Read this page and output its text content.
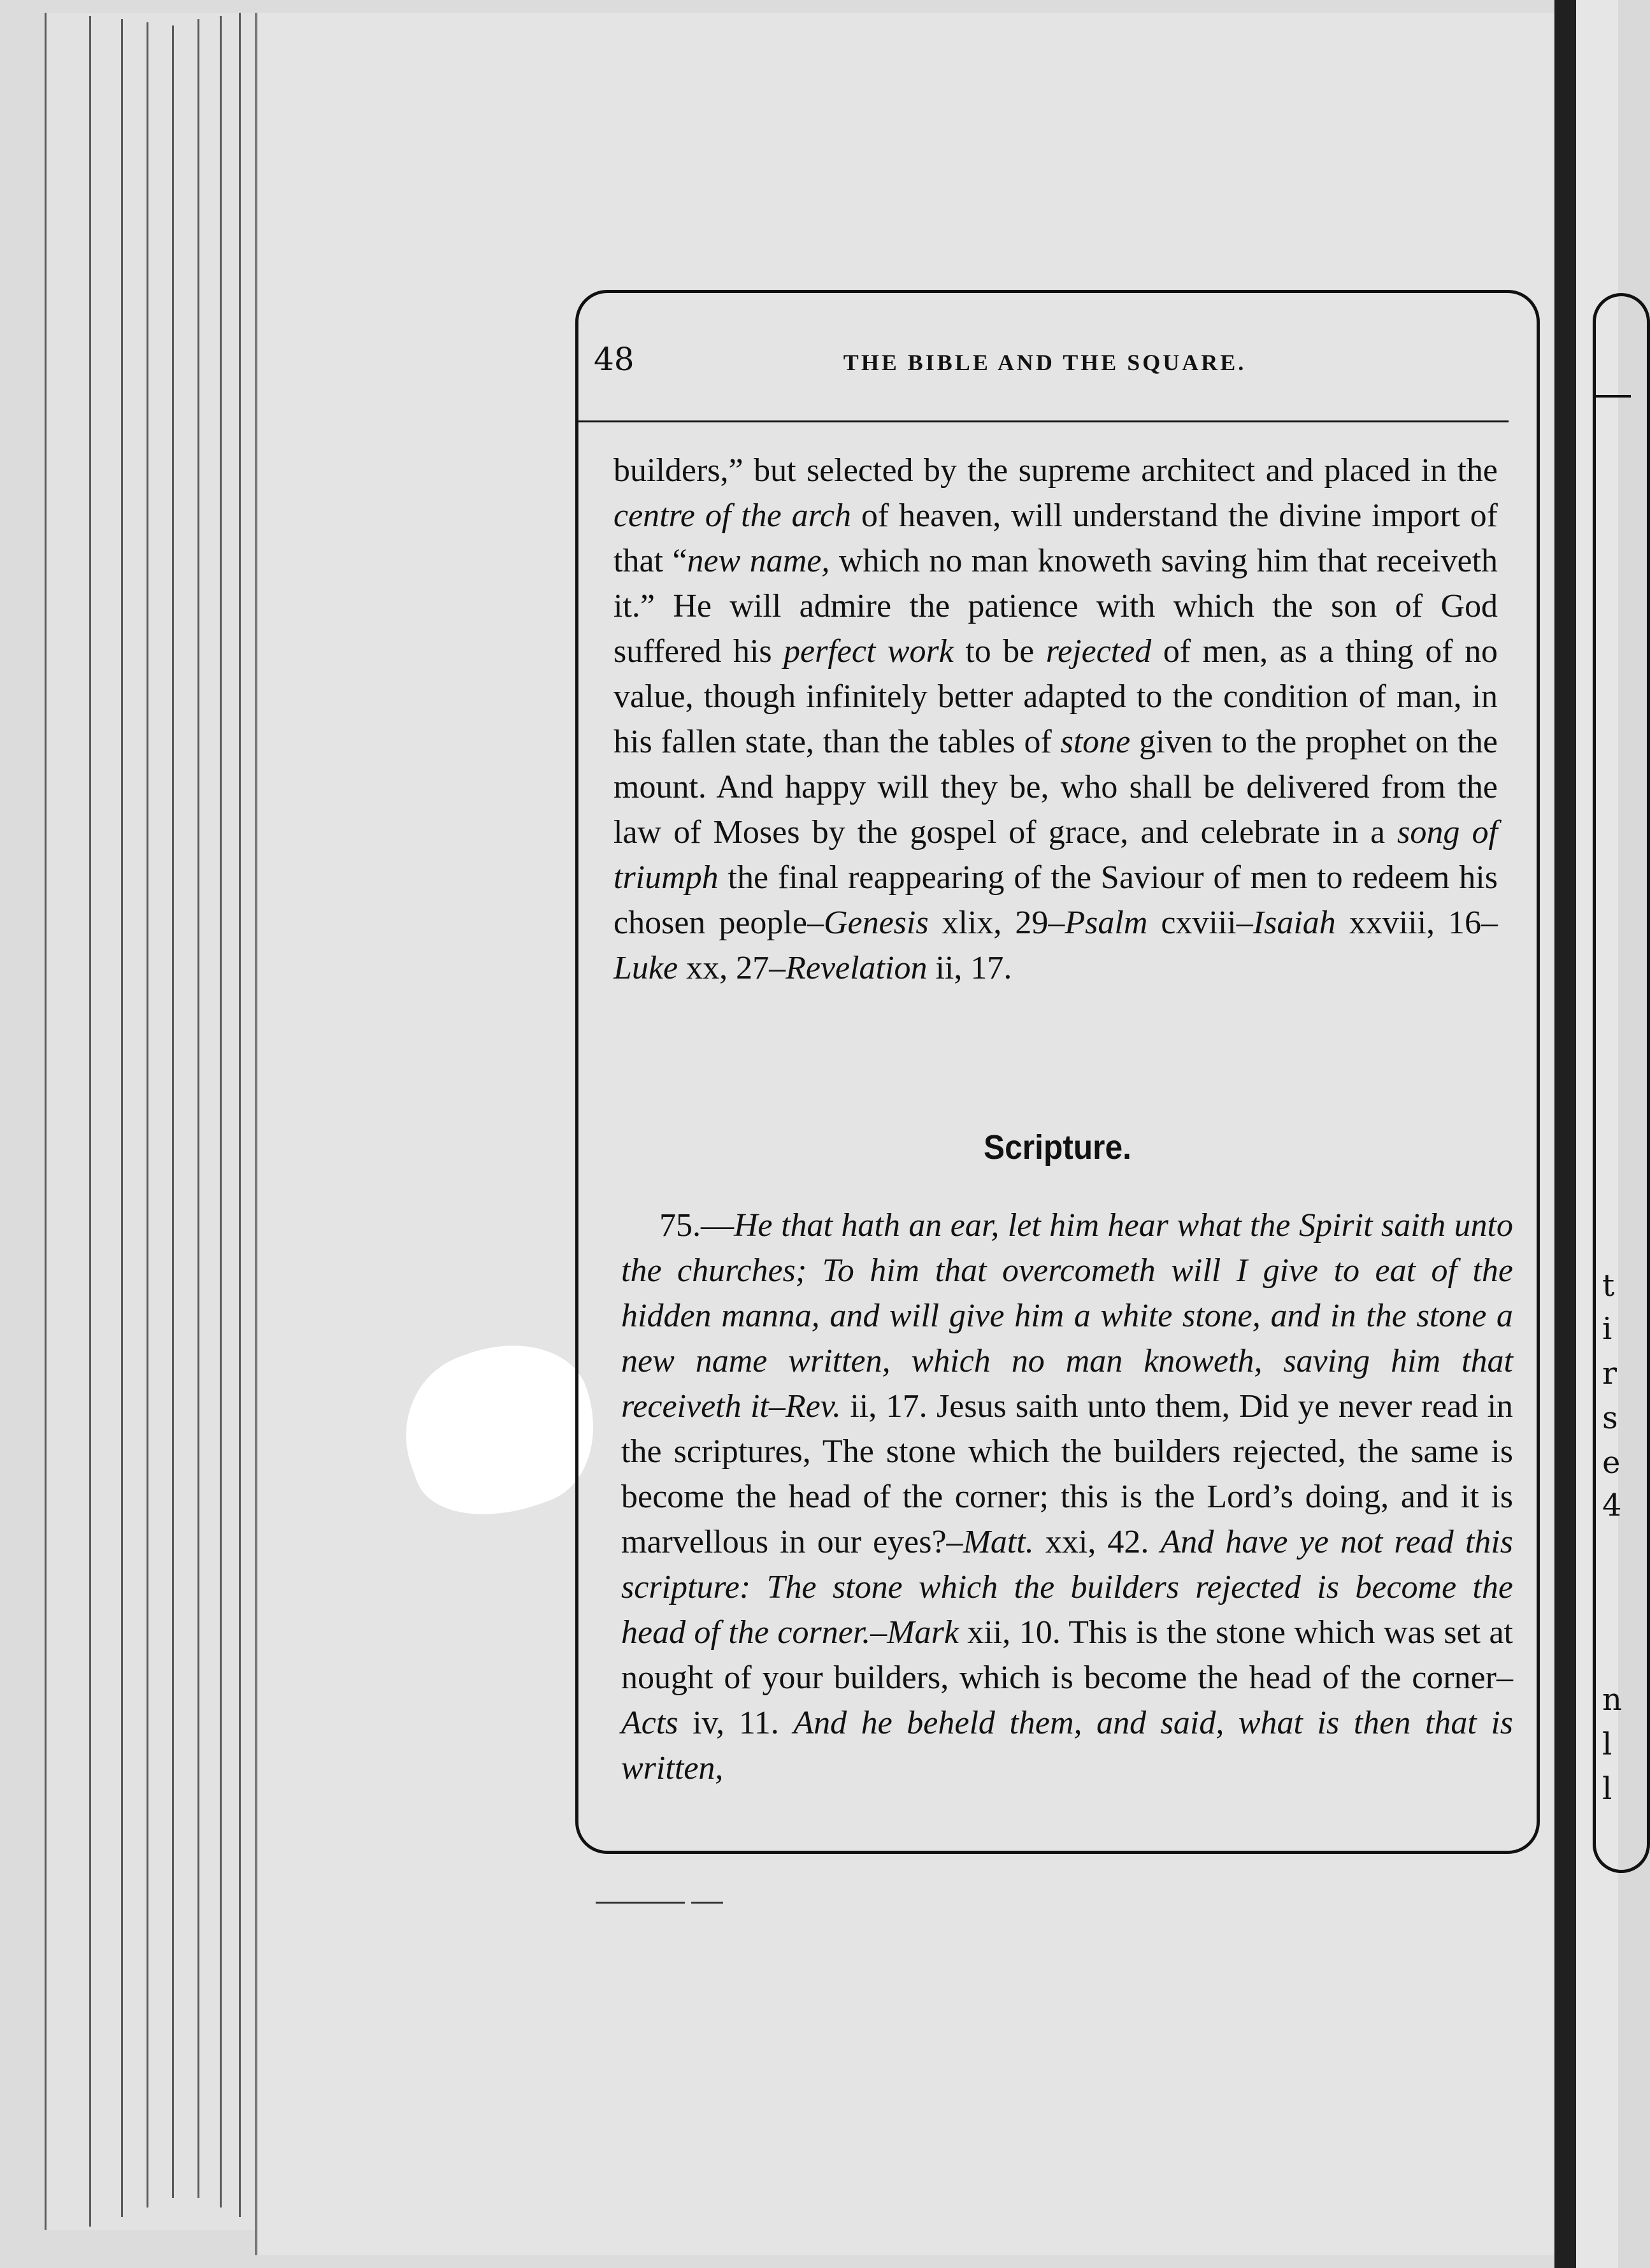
t
i
r
s
e
4
n
l
l
48	THE BIBLE AND THE SQUARE.

builders,” but selected by the supreme architect and placed in the centre of the arch of heaven, will understand the divine import of that “new name, which no man knoweth saving him that receiveth it.” He will admire the patience with which the son of God suffered his perfect work to be rejected of men, as a thing of no value, though infinitely better adapted to the condition of man, in his fallen state, than the tables of stone given to the prophet on the mount. And happy will they be, who shall be delivered from the law of Moses by the gospel of grace, and celebrate in a song of triumph the final reappearing of the Saviour of men to redeem his chosen people–Genesis xlix, 29–Psalm cxviii–Isaiah xxviii, 16–Luke xx, 27–Revelation ii, 17.

Scripture.

75.—He that hath an ear, let him hear what the Spirit saith unto the churches; To him that overcometh will I give to eat of the hidden manna, and will give him a white stone, and in the stone a new name written, which no man knoweth, saving him that receiveth it–Rev. ii, 17. Jesus saith unto them, Did ye never read in the scriptures, The stone which the builders rejected, the same is become the head of the corner; this is the Lord’s doing, and it is marvellous in our eyes?–Matt. xxi, 42. And have ye not read this scripture: The stone which the builders rejected is become the head of the corner.–Mark xii, 10. This is the stone which was set at nought of your builders, which is become the head of the corner–Acts iv, 11. And he beheld them, and said, what is then that is written,
